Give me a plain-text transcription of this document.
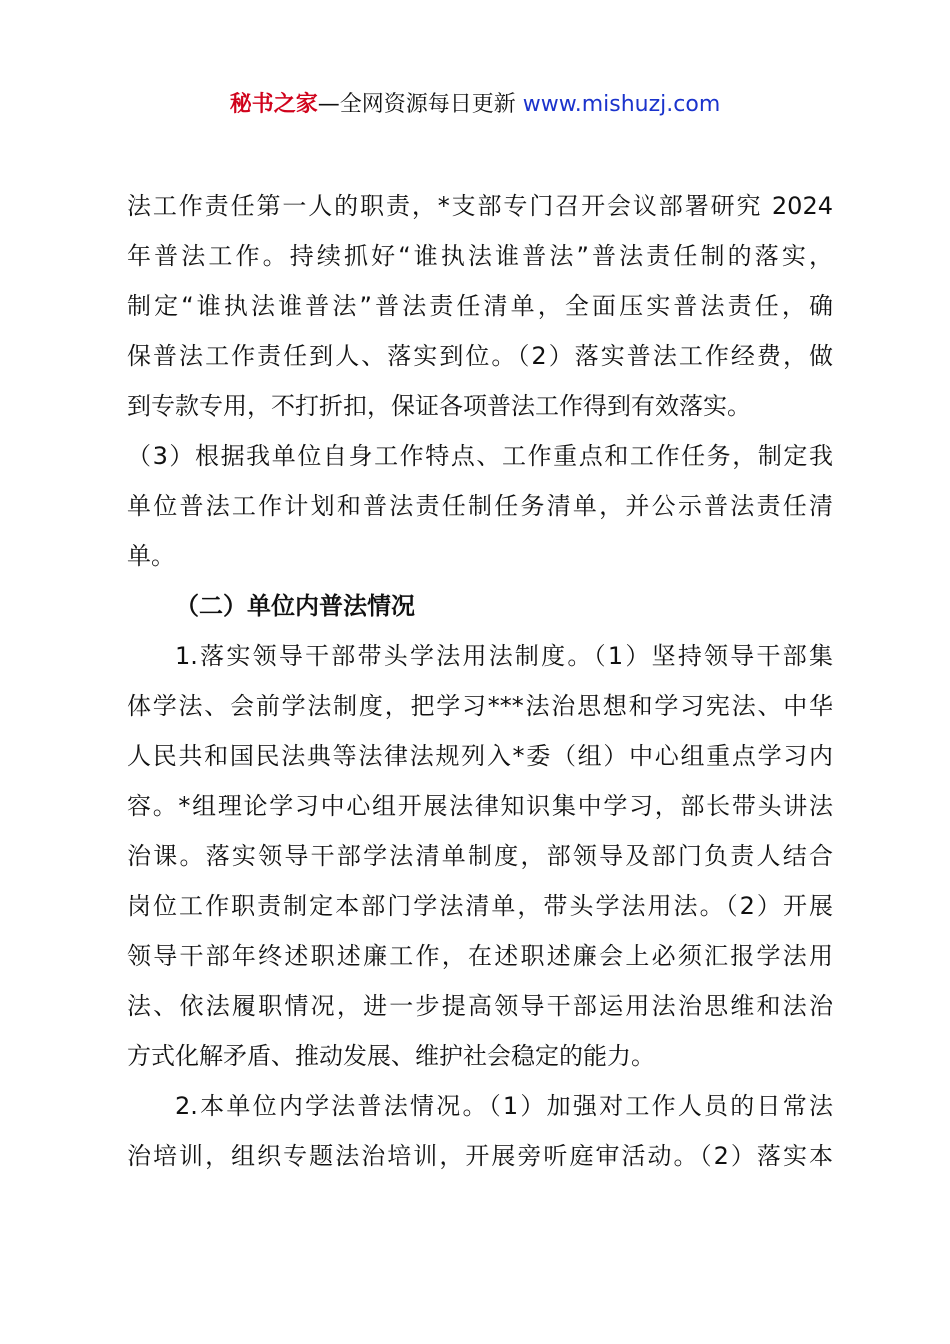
秘书之家—全网资源每日更新 www.mishuzj.com
法工作责任第一人的职责，*支部专门召开会议部署研究 2024
年普法工作。持续抓好“谁执法谁普法”普法责任制的落实，
制定“谁执法谁普法”普法责任清单，全面压实普法责任，确
保普法工作责任到人、落实到位。（2）落实普法工作经费，做
到专款专用，不打折扣，保证各项普法工作得到有效落实。
（3）根据我单位自身工作特点、工作重点和工作任务，制定我
单位普法工作计划和普法责任制任务清单，并公示普法责任清
单。
（二）单位内普法情况
1.落实领导干部带头学法用法制度。（1）坚持领导干部集
体学法、会前学法制度，把学习***法治思想和学习宪法、中华
人民共和国民法典等法律法规列入*委（组）中心组重点学习内
容。*组理论学习中心组开展法律知识集中学习，部长带头讲法
治课。落实领导干部学法清单制度，部领导及部门负责人结合
岗位工作职责制定本部门学法清单，带头学法用法。（2）开展
领导干部年终述职述廉工作，在述职述廉会上必须汇报学法用
法、依法履职情况，进一步提高领导干部运用法治思维和法治
方式化解矛盾、推动发展、维护社会稳定的能力。
2.本单位内学法普法情况。（1）加强对工作人员的日常法
治培训，组织专题法治培训，开展旁听庭审活动。（2）落实本
